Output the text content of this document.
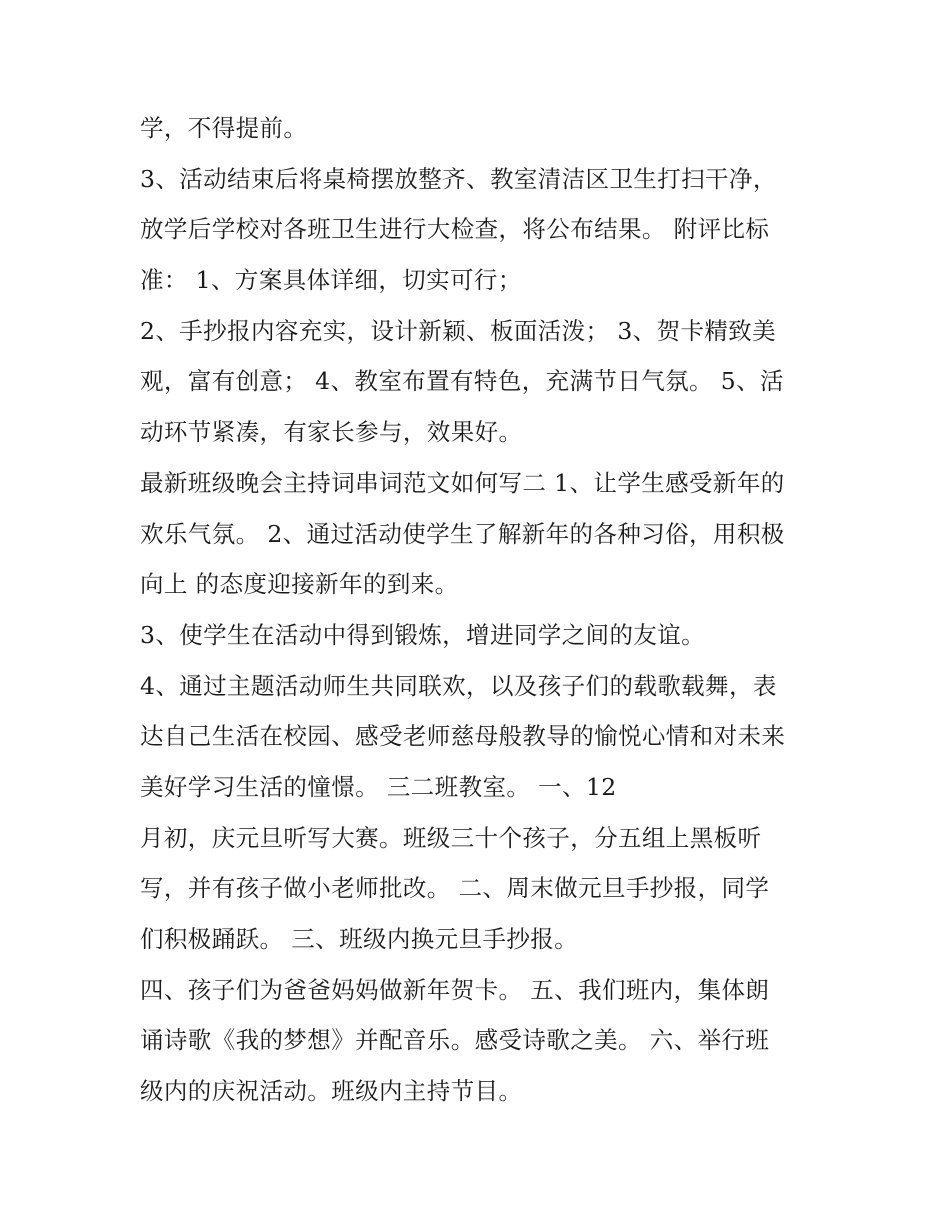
学，不得提前。
3、活动结束后将桌椅摆放整齐、教室清洁区卫生打扫干净，
放学后学校对各班卫生进行大检查，将公布结果。 附评比标
准： 1、方案具体详细，切实可行；
2、手抄报内容充实，设计新颖、板面活泼； 3、贺卡精致美
观，富有创意； 4、教室布置有特色，充满节日气氛。 5、活
动环节紧凑，有家长参与，效果好。
最新班级晚会主持词串词范文如何写二 1、让学生感受新年的
欢乐气氛。 2、通过活动使学生了解新年的各种习俗，用积极
向上 的态度迎接新年的到来。
3、使学生在活动中得到锻炼，增进同学之间的友谊。
4、通过主题活动师生共同联欢，以及孩子们的载歌载舞，表
达自己生活在校园、感受老师慈母般教导的愉悦心情和对未来
美好学习生活的憧憬。 三二班教室。 一、12
月初，庆元旦听写大赛。班级三十个孩子，分五组上黑板听
写，并有孩子做小老师批改。 二、周末做元旦手抄报，同学
们积极踊跃。 三、班级内换元旦手抄报。
四、孩子们为爸爸妈妈做新年贺卡。 五、我们班内，集体朗
诵诗歌《我的梦想》并配音乐。感受诗歌之美。 六、举行班
级内的庆祝活动。班级内主持节目。
